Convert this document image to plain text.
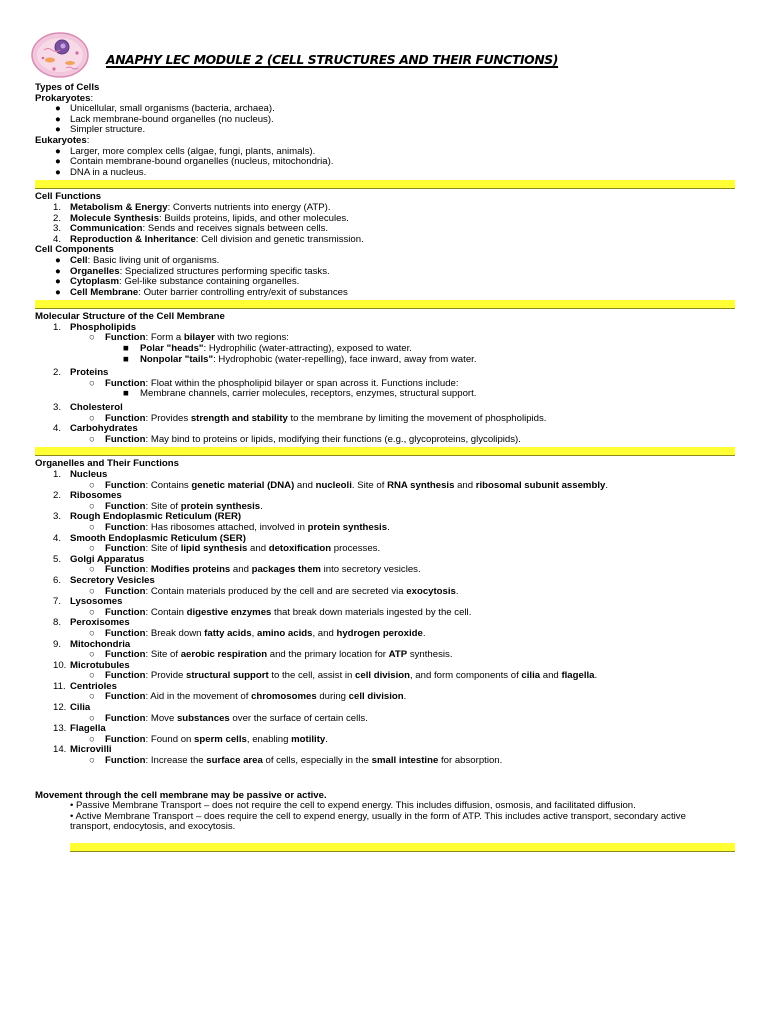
ANAPHY LEC MODULE 2 (CELL STRUCTURES AND THEIR FUNCTIONS)
Types of Cells
Prokaryotes:
● Unicellular, small organisms (bacteria, archaea).
● Lack membrane-bound organelles (no nucleus).
● Simpler structure.
Eukaryotes:
● Larger, more complex cells (algae, fungi, plants, animals).
● Contain membrane-bound organelles (nucleus, mitochondria).
● DNA in a nucleus.
Cell Functions
1. Metabolism & Energy: Converts nutrients into energy (ATP).
2. Molecule Synthesis: Builds proteins, lipids, and other molecules.
3. Communication: Sends and receives signals between cells.
4. Reproduction & Inheritance: Cell division and genetic transmission.
Cell Components
● Cell: Basic living unit of organisms.
● Organelles: Specialized structures performing specific tasks.
● Cytoplasm: Gel-like substance containing organelles.
● Cell Membrane: Outer barrier controlling entry/exit of substances
Molecular Structure of the Cell Membrane
1. Phospholipids
○ Function: Form a bilayer with two regions:
■ Polar "heads": Hydrophilic (water-attracting), exposed to water.
■ Nonpolar "tails": Hydrophobic (water-repelling), face inward, away from water.
2. Proteins
○ Function: Float within the phospholipid bilayer or span across it. Functions include:
■ Membrane channels, carrier molecules, receptors, enzymes, structural support.
3. Cholesterol
○ Function: Provides strength and stability to the membrane by limiting the movement of phospholipids.
4. Carbohydrates
○ Function: May bind to proteins or lipids, modifying their functions (e.g., glycoproteins, glycolipids).
Organelles and Their Functions
1. Nucleus
○ Function: Contains genetic material (DNA) and nucleoli. Site of RNA synthesis and ribosomal subunit assembly.
2. Ribosomes
○ Function: Site of protein synthesis.
3. Rough Endoplasmic Reticulum (RER)
○ Function: Has ribosomes attached, involved in protein synthesis.
4. Smooth Endoplasmic Reticulum (SER)
○ Function: Site of lipid synthesis and detoxification processes.
5. Golgi Apparatus
○ Function: Modifies proteins and packages them into secretory vesicles.
6. Secretory Vesicles
○ Function: Contain materials produced by the cell and are secreted via exocytosis.
7. Lysosomes
○ Function: Contain digestive enzymes that break down materials ingested by the cell.
8. Peroxisomes
○ Function: Break down fatty acids, amino acids, and hydrogen peroxide.
9. Mitochondria
○ Function: Site of aerobic respiration and the primary location for ATP synthesis.
10. Microtubules
○ Function: Provide structural support to the cell, assist in cell division, and form components of cilia and flagella.
11. Centrioles
○ Function: Aid in the movement of chromosomes during cell division.
12. Cilia
○ Function: Move substances over the surface of certain cells.
13. Flagella
○ Function: Found on sperm cells, enabling motility.
14. Microvilli
○ Function: Increase the surface area of cells, especially in the small intestine for absorption.
Movement through the cell membrane may be passive or active.
• Passive Membrane Transport – does not require the cell to expend energy. This includes diffusion, osmosis, and facilitated diffusion.
• Active Membrane Transport – does require the cell to expend energy, usually in the form of ATP. This includes active transport, secondary active transport, endocytosis, and exocytosis.
